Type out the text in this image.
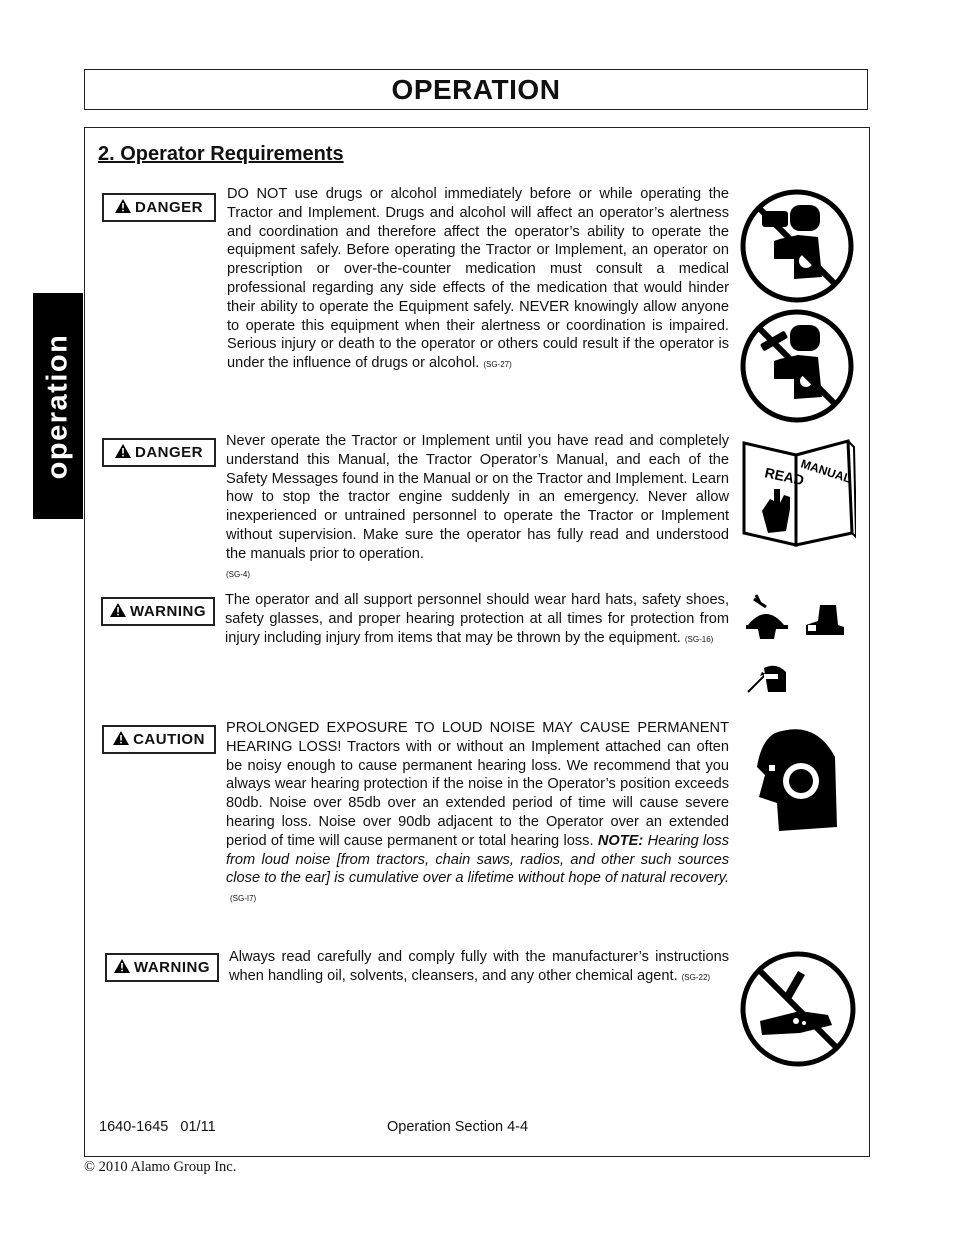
OPERATION
operation
2. Operator Requirements
DANGER

DO NOT use drugs or alcohol immediately before or while operating the Tractor and Implement. Drugs and alcohol will affect an operator’s alertness and coordination and therefore affect the operator’s ability to operate the equipment safely. Before operating the Tractor or Implement, an operator on prescription or over-the-counter medication must consult a medical professional regarding any side effects of the medication that would hinder their ability to operate the Equipment safely. NEVER knowingly allow anyone to operate this equipment when their alertness or coordination is impaired. Serious injury or death to the operator or others could result if the operator is under the influence of drugs or alcohol. (SG-27)

DANGER

Never operate the Tractor or Implement until you have read and completely understand this Manual, the Tractor Operator’s Manual, and each of the Safety Messages found in the Manual or on the Tractor and Implement. Learn how to stop the tractor engine suddenly in an emergency. Never allow inexperienced or untrained personnel to operate the Tractor or Implement without supervision. Make sure the operator has fully read and understood the manuals prior to operation.
(SG-4)

READ
MANUAL
WARNING

The operator and all support personnel should wear hard hats, safety shoes, safety glasses, and proper hearing protection at all times for protection from injury including injury from items that may be thrown by the equipment. (SG-16)

CAUTION

PROLONGED EXPOSURE TO LOUD NOISE MAY CAUSE PERMANENT HEARING LOSS! Tractors with or without an Implement attached can often be noisy enough to cause permanent hearing loss. We recommend that you always wear hearing protection if the noise in the Operator’s position exceeds 80db. Noise over 85db over an extended period of time will cause severe hearing loss. Noise over 90db adjacent to the Operator over an extended period of time will cause permanent or total hearing loss. NOTE: Hearing loss from loud noise [from tractors, chain saws, radios, and other such sources close to the ear] is cumulative over a lifetime without hope of natural recovery.(SG-I7)

WARNING

Always read carefully and comply fully with the manufacturer’s instructions when handling oil, solvents, cleansers, and any other chemical agent. (SG-22)

1640-1645   01/11	Operation Section 4-4
© 2010 Alamo Group Inc.
